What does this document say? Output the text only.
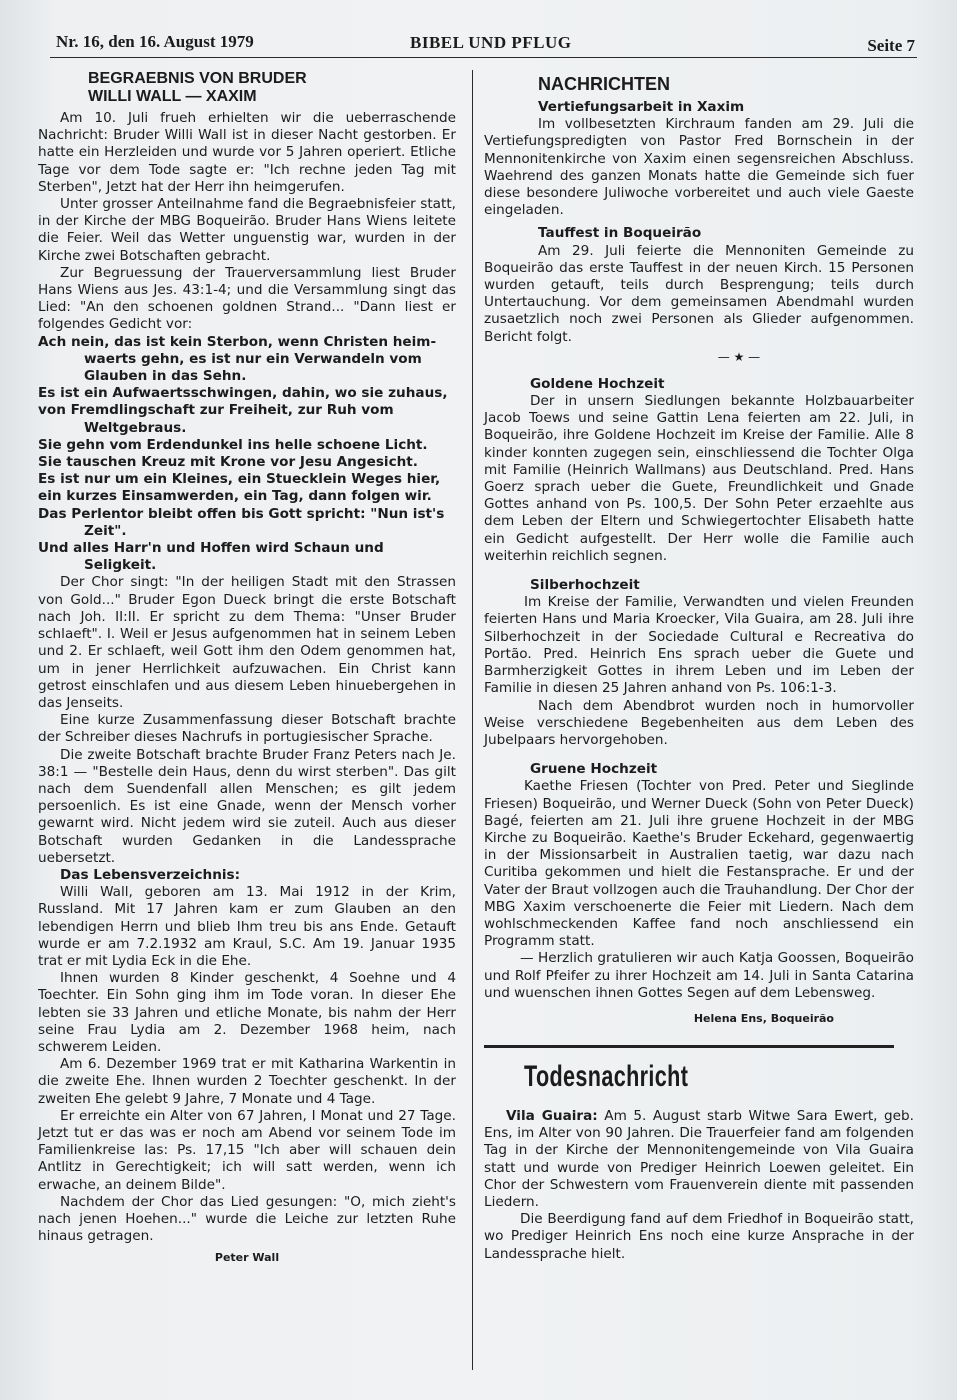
Nr. 16, den 16. August 1979	BIBEL UND PFLUG	Seite 7
BEGRAEBNIS VON BRUDER
WILLI WALL — XAXIM

Am 10. Juli frueh erhielten wir die ueberraschende Nachricht: Bruder Willi Wall ist in dieser Nacht gestorben. Er hatte ein Herzleiden und wurde vor 5 Jahren operiert. Etliche Tage vor dem Tode sagte er: "Ich rechne jeden Tag mit Sterben", Jetzt hat der Herr ihn heimgerufen.

Unter grosser Anteilnahme fand die Begraebnisfeier statt, in der Kirche der MBG Boqueirão. Bruder Hans Wiens leitete die Feier. Weil das Wetter unguenstig war, wurden in der Kirche zwei Botschaften gebracht.

Zur Begruessung der Trauerversammlung liest Bruder Hans Wiens aus Jes. 43:1-4; und die Versammlung singt das Lied: "An den schoenen goldnen Strand... "Dann liest er folgendes Gedicht vor:

Ach nein, das ist kein Sterbon, wenn Christen heim-
waerts gehn, es ist nur ein Verwandeln vom
Glauben in das Sehn.
Es ist ein Aufwaertsschwingen, dahin, wo sie zuhaus,
von Fremdlingschaft zur Freiheit, zur Ruh vom
Weltgebraus.
Sie gehn vom Erdendunkel ins helle schoene Licht.
Sie tauschen Kreuz mit Krone vor Jesu Angesicht.
Es ist nur um ein Kleines, ein Stuecklein Weges hier,
ein kurzes Einsamwerden, ein Tag, dann folgen wir.
Das Perlentor bleibt offen bis Gott spricht: "Nun ist's
Zeit".
Und alles Harr'n und Hoffen wird Schaun und
Seligkeit.

Der Chor singt: "In der heiligen Stadt mit den Strassen von Gold..." Bruder Egon Dueck bringt die erste Botschaft nach Joh. II:II. Er spricht zu dem Thema: "Unser Bruder schlaeft". I. Weil er Jesus aufgenommen hat in seinem Leben und 2. Er schlaeft, weil Gott ihm den Odem genommen hat, um in jener Herrlichkeit aufzuwachen. Ein Christ kann getrost einschlafen und aus diesem Leben hinuebergehen in das Jenseits.

Eine kurze Zusammenfassung dieser Botschaft brachte der Schreiber dieses Nachrufs in portugiesischer Sprache.

Die zweite Botschaft brachte Bruder Franz Peters nach Je. 38:1 — "Bestelle dein Haus, denn du wirst sterben". Das gilt nach dem Suendenfall allen Menschen; es gilt jedem persoenlich. Es ist eine Gnade, wenn der Mensch vorher gewarnt wird. Nicht jedem wird sie zuteil. Auch aus dieser Botschaft wurden Gedanken in die Landessprache uebersetzt.

Das Lebensverzeichnis:

Willi Wall, geboren am 13. Mai 1912 in der Krim, Russland. Mit 17 Jahren kam er zum Glauben an den lebendigen Herrn und blieb Ihm treu bis ans Ende. Getauft wurde er am 7.2.1932 am Kraul, S.C. Am 19. Januar 1935 trat er mit Lydia Eck in die Ehe.

Ihnen wurden 8 Kinder geschenkt, 4 Soehne und 4 Toechter. Ein Sohn ging ihm im Tode voran. In dieser Ehe lebten sie 33 Jahren und etliche Monate, bis nahm der Herr seine Frau Lydia am 2. Dezember 1968 heim, nach schwerem Leiden.

Am 6. Dezember 1969 trat er mit Katharina Warkentin in die zweite Ehe. Ihnen wurden 2 Toechter geschenkt. In der zweiten Ehe gelebt 9 Jahre, 7 Monate und 4 Tage.

Er erreichte ein Alter von 67 Jahren, I Monat und 27 Tage. Jetzt tut er das was er noch am Abend vor seinem Tode im Familienkreise las: Ps. 17,15 "Ich aber will schauen dein Antlitz in Gerechtigkeit; ich will satt werden, wenn ich erwache, an deinem Bilde".

Nachdem der Chor das Lied gesungen: "O, mich zieht's nach jenen Hoehen..." wurde die Leiche zur letzten Ruhe hinaus getragen.

Peter Wall
NACHRICHTEN
Vertiefungsarbeit in Xaxim

Im vollbesetzten Kirchraum fanden am 29. Juli die Vertiefungspredigten von Pastor Fred Bornschein in der Mennonitenkirche von Xaxim einen segensreichen Abschluss. Waehrend des ganzen Monats hatte die Gemeinde sich fuer diese besondere Juliwoche vorbereitet und auch viele Gaeste eingeladen.

Tauffest in Boqueirão

Am 29. Juli feierte die Mennoniten Gemeinde zu Boqueirão das erste Tauffest in der neuen Kirch. 15 Personen wurden getauft, teils durch Besprengung; teils durch Untertauchung. Vor dem gemeinsamen Abendmahl wurden zusaetzlich noch zwei Personen als Glieder aufgenommen. Bericht folgt.

— ★ —
Goldene Hochzeit

Der in unsern Siedlungen bekannte Holzbauarbeiter Jacob Toews und seine Gattin Lena feierten am 22. Juli, in Boqueirão, ihre Goldene Hochzeit im Kreise der Familie. Alle 8 kinder konnten zugegen sein, einschliessend die Tochter Olga mit Familie (Heinrich Wallmans) aus Deutschland. Pred. Hans Goerz sprach ueber die Guete, Freundlichkeit und Gnade Gottes anhand von Ps. 100,5. Der Sohn Peter erzaehlte aus dem Leben der Eltern und Schwiegertochter Elisabeth hatte ein Gedicht aufgestellt. Der Herr wolle die Familie auch weiterhin reichlich segnen.

Silberhochzeit

Im Kreise der Familie, Verwandten und vielen Freunden feierten Hans und Maria Kroecker, Vila Guaira, am 28. Juli ihre Silberhochzeit in der Sociedade Cultural e Recreativa do Portão. Pred. Heinrich Ens sprach ueber die Guete und Barmherzigkeit Gottes in ihrem Leben und im Leben der Familie in diesen 25 Jahren anhand von Ps. 106:1-3.

Nach dem Abendbrot wurden noch in humorvoller Weise verschiedene Begebenheiten aus dem Leben des Jubelpaars hervorgehoben.

Gruene Hochzeit

Kaethe Friesen (Tochter von Pred. Peter und Sieglinde Friesen) Boqueirão, und Werner Dueck (Sohn von Peter Dueck) Bagé, feierten am 21. Juli ihre gruene Hochzeit in der MBG Kirche zu Boqueirão. Kaethe's Bruder Eckehard, gegenwaertig in der Missionsarbeit in Australien taetig, war dazu nach Curitiba gekommen und hielt die Festansprache. Er und der Vater der Braut vollzogen auch die Trauhandlung. Der Chor der MBG Xaxim verschoenerte die Feier mit Liedern. Nach dem wohlschmeckenden Kaffee fand noch anschliessend ein Programm statt.

— Herzlich gratulieren wir auch Katja Goossen, Boqueirão und Rolf Pfeifer zu ihrer Hochzeit am 14. Juli in Santa Catarina und wuenschen ihnen Gottes Segen auf dem Lebensweg.

Helena Ens, Boqueirão
Todesnachricht

Vila Guaira: Am 5. August starb Witwe Sara Ewert, geb. Ens, im Alter von 90 Jahren. Die Trauerfeier fand am folgenden Tag in der Kirche der Mennonitengemeinde von Vila Guaira statt und wurde von Prediger Heinrich Loewen geleitet. Ein Chor der Schwestern vom Frauenverein diente mit passenden Liedern.

Die Beerdigung fand auf dem Friedhof in Boqueirão statt, wo Prediger Heinrich Ens noch eine kurze Ansprache in der Landessprache hielt.
